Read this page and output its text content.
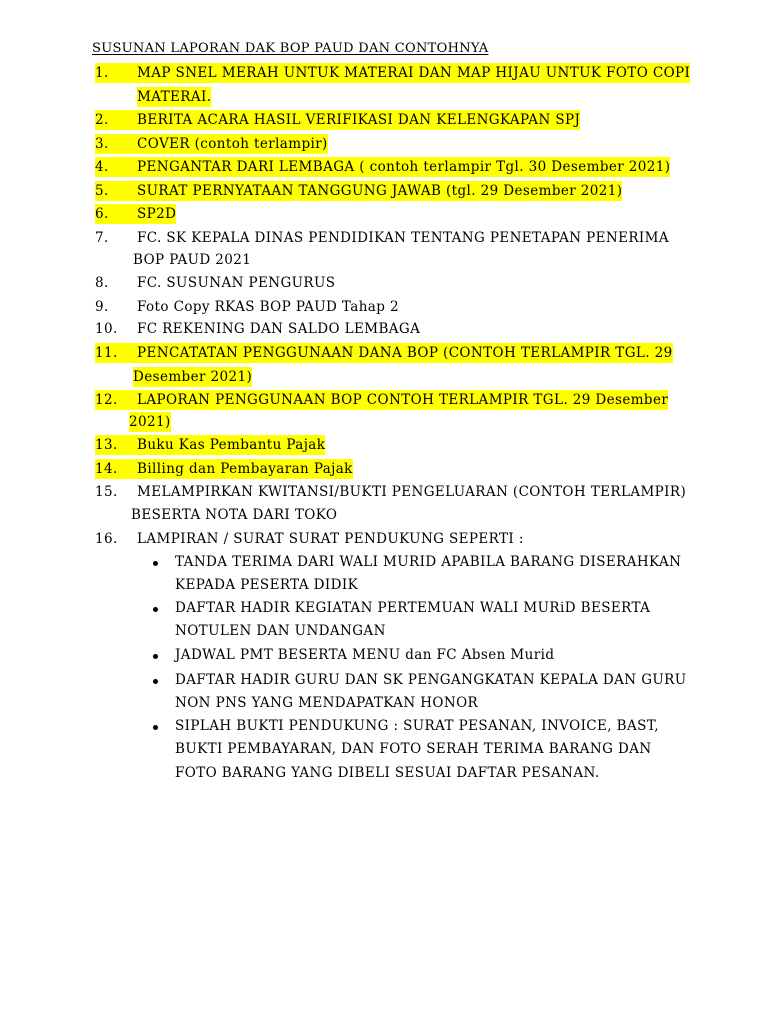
SUSUNAN LAPORAN DAK BOP PAUD DAN CONTOHNYA
1.	MAP SNEL MERAH UNTUK MATERAI DAN MAP HIJAU UNTUK FOTO COPI
MATERAI.
2.	BERITA ACARA HASIL VERIFIKASI DAN KELENGKAPAN SPJ
3.	COVER (contoh terlampir)
4.	PENGANTAR DARI LEMBAGA ( contoh terlampir Tgl. 30 Desember 2021)
5.	SURAT PERNYATAAN TANGGUNG JAWAB (tgl. 29 Desember 2021)
6.	SP2D
7.	FC. SK KEPALA DINAS PENDIDIKAN TENTANG PENETAPAN PENERIMA
BOP PAUD 2021
8.	FC. SUSUNAN PENGURUS
9.	Foto Copy RKAS BOP PAUD Tahap 2
10.	FC REKENING DAN SALDO LEMBAGA
11.	PENCATATAN PENGGUNAAN DANA BOP (CONTOH TERLAMPIR TGL. 29
Desember 2021)
12.	LAPORAN PENGGUNAAN BOP CONTOH TERLAMPIR TGL. 29 Desember
2021)
13.	Buku Kas Pembantu Pajak
14.	Billing dan Pembayaran Pajak
15.	MELAMPIRKAN KWITANSI/BUKTI PENGELUARAN (CONTOH TERLAMPIR)
BESERTA NOTA DARI TOKO
16.	LAMPIRAN / SURAT SURAT PENDUKUNG SEPERTI :
TANDA TERIMA DARI WALI MURID APABILA BARANG DISERAHKAN
KEPADA PESERTA DIDIK
DAFTAR HADIR KEGIATAN PERTEMUAN WALI MURiD BESERTA
NOTULEN DAN UNDANGAN
JADWAL PMT BESERTA MENU dan FC Absen Murid
DAFTAR HADIR GURU DAN SK PENGANGKATAN KEPALA DAN GURU
NON PNS YANG MENDAPATKAN HONOR
SIPLAH BUKTI PENDUKUNG : SURAT PESANAN, INVOICE, BAST,
BUKTI PEMBAYARAN, DAN FOTO SERAH TERIMA BARANG DAN
FOTO BARANG YANG DIBELI SESUAI DAFTAR PESANAN.
